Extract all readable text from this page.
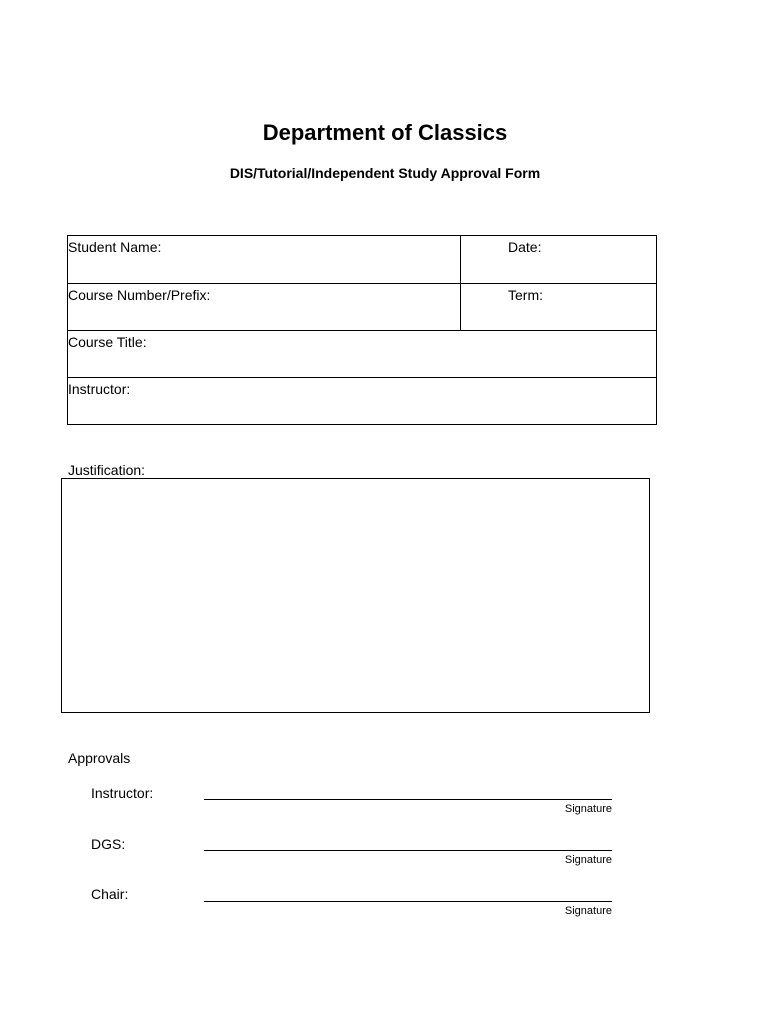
Department of Classics
DIS/Tutorial/Independent Study Approval Form
Student Name:	Date:
Course Number/Prefix:	Term:
Course Title:
Instructor:
Justification:
Approvals
Instructor:
Signature
DGS:
Signature
Chair:
Signature
